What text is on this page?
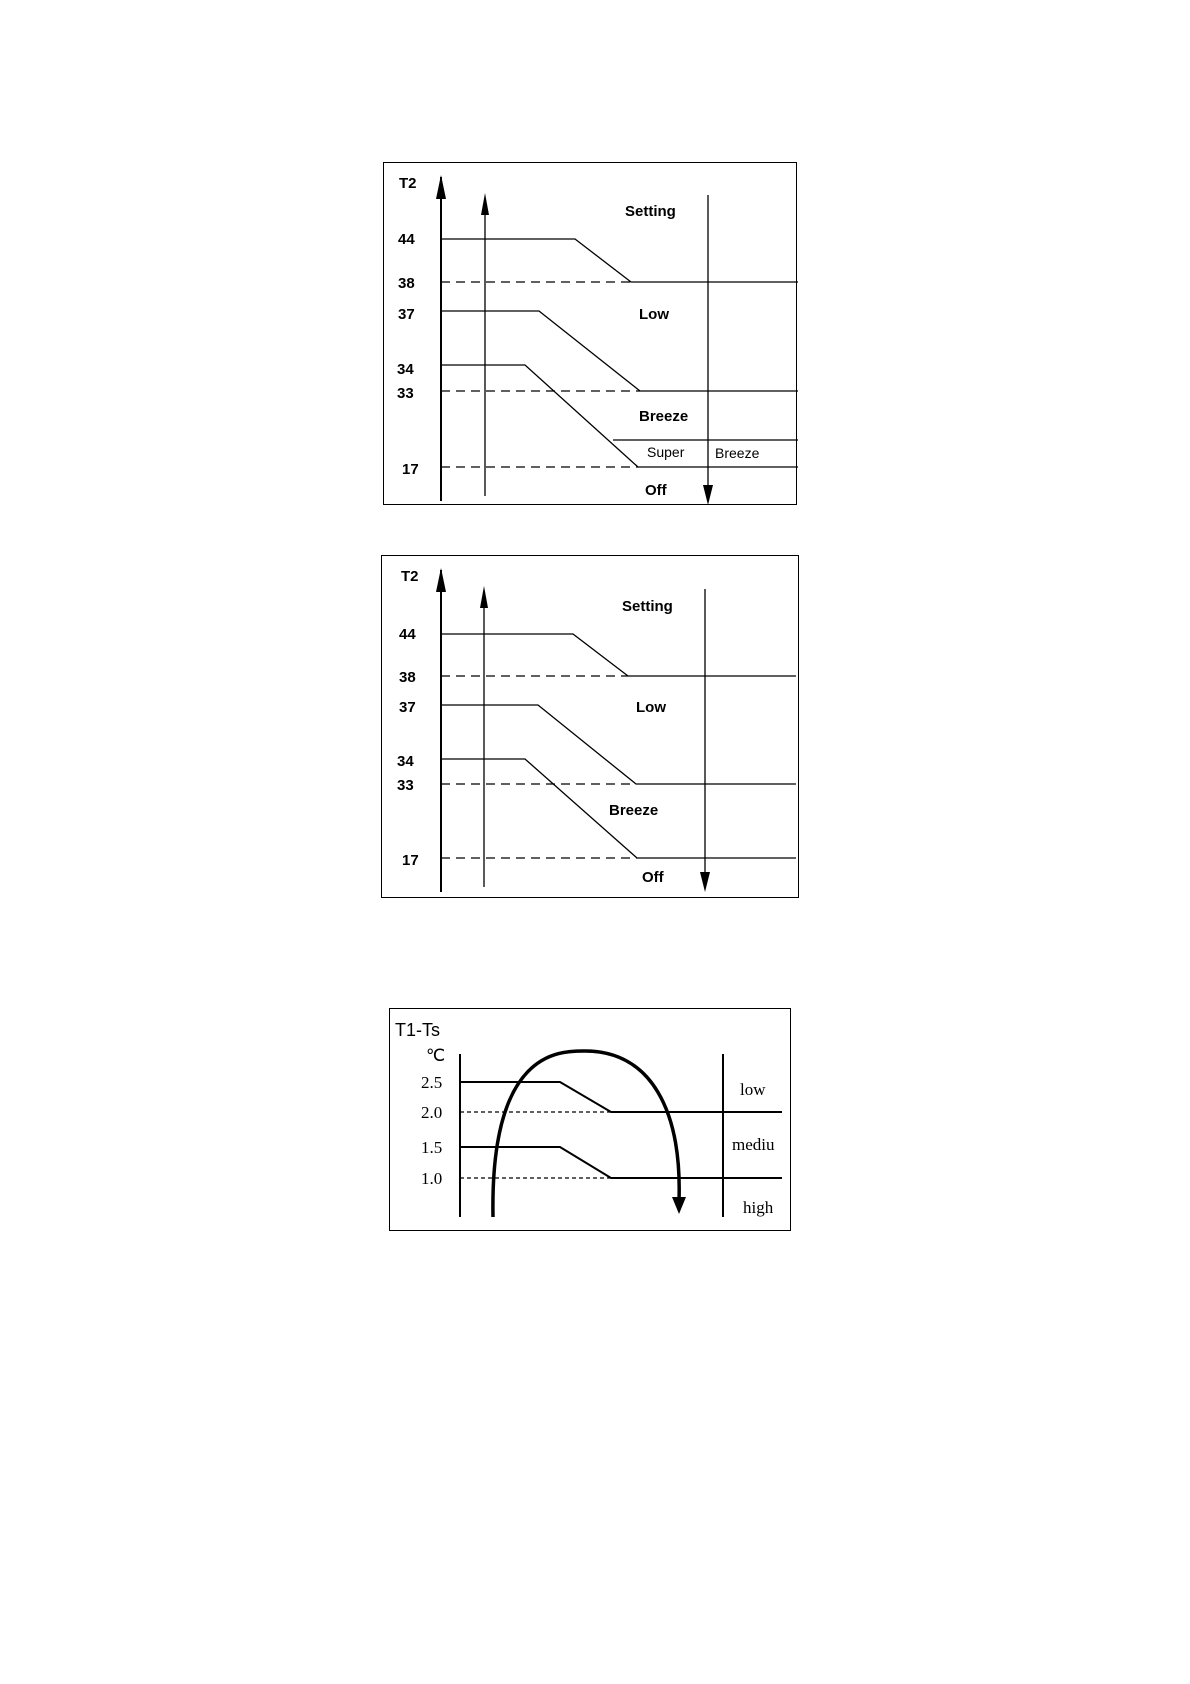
T2
44
38
37
34
33
17
Setting
Low
Breeze
Super Breeze
Off
T2
44
38
37
34
33
17
Setting
Low
Breeze
Off
T1-Ts
℃
2.5
2.0
1.5
1.0
low
mediu
high
